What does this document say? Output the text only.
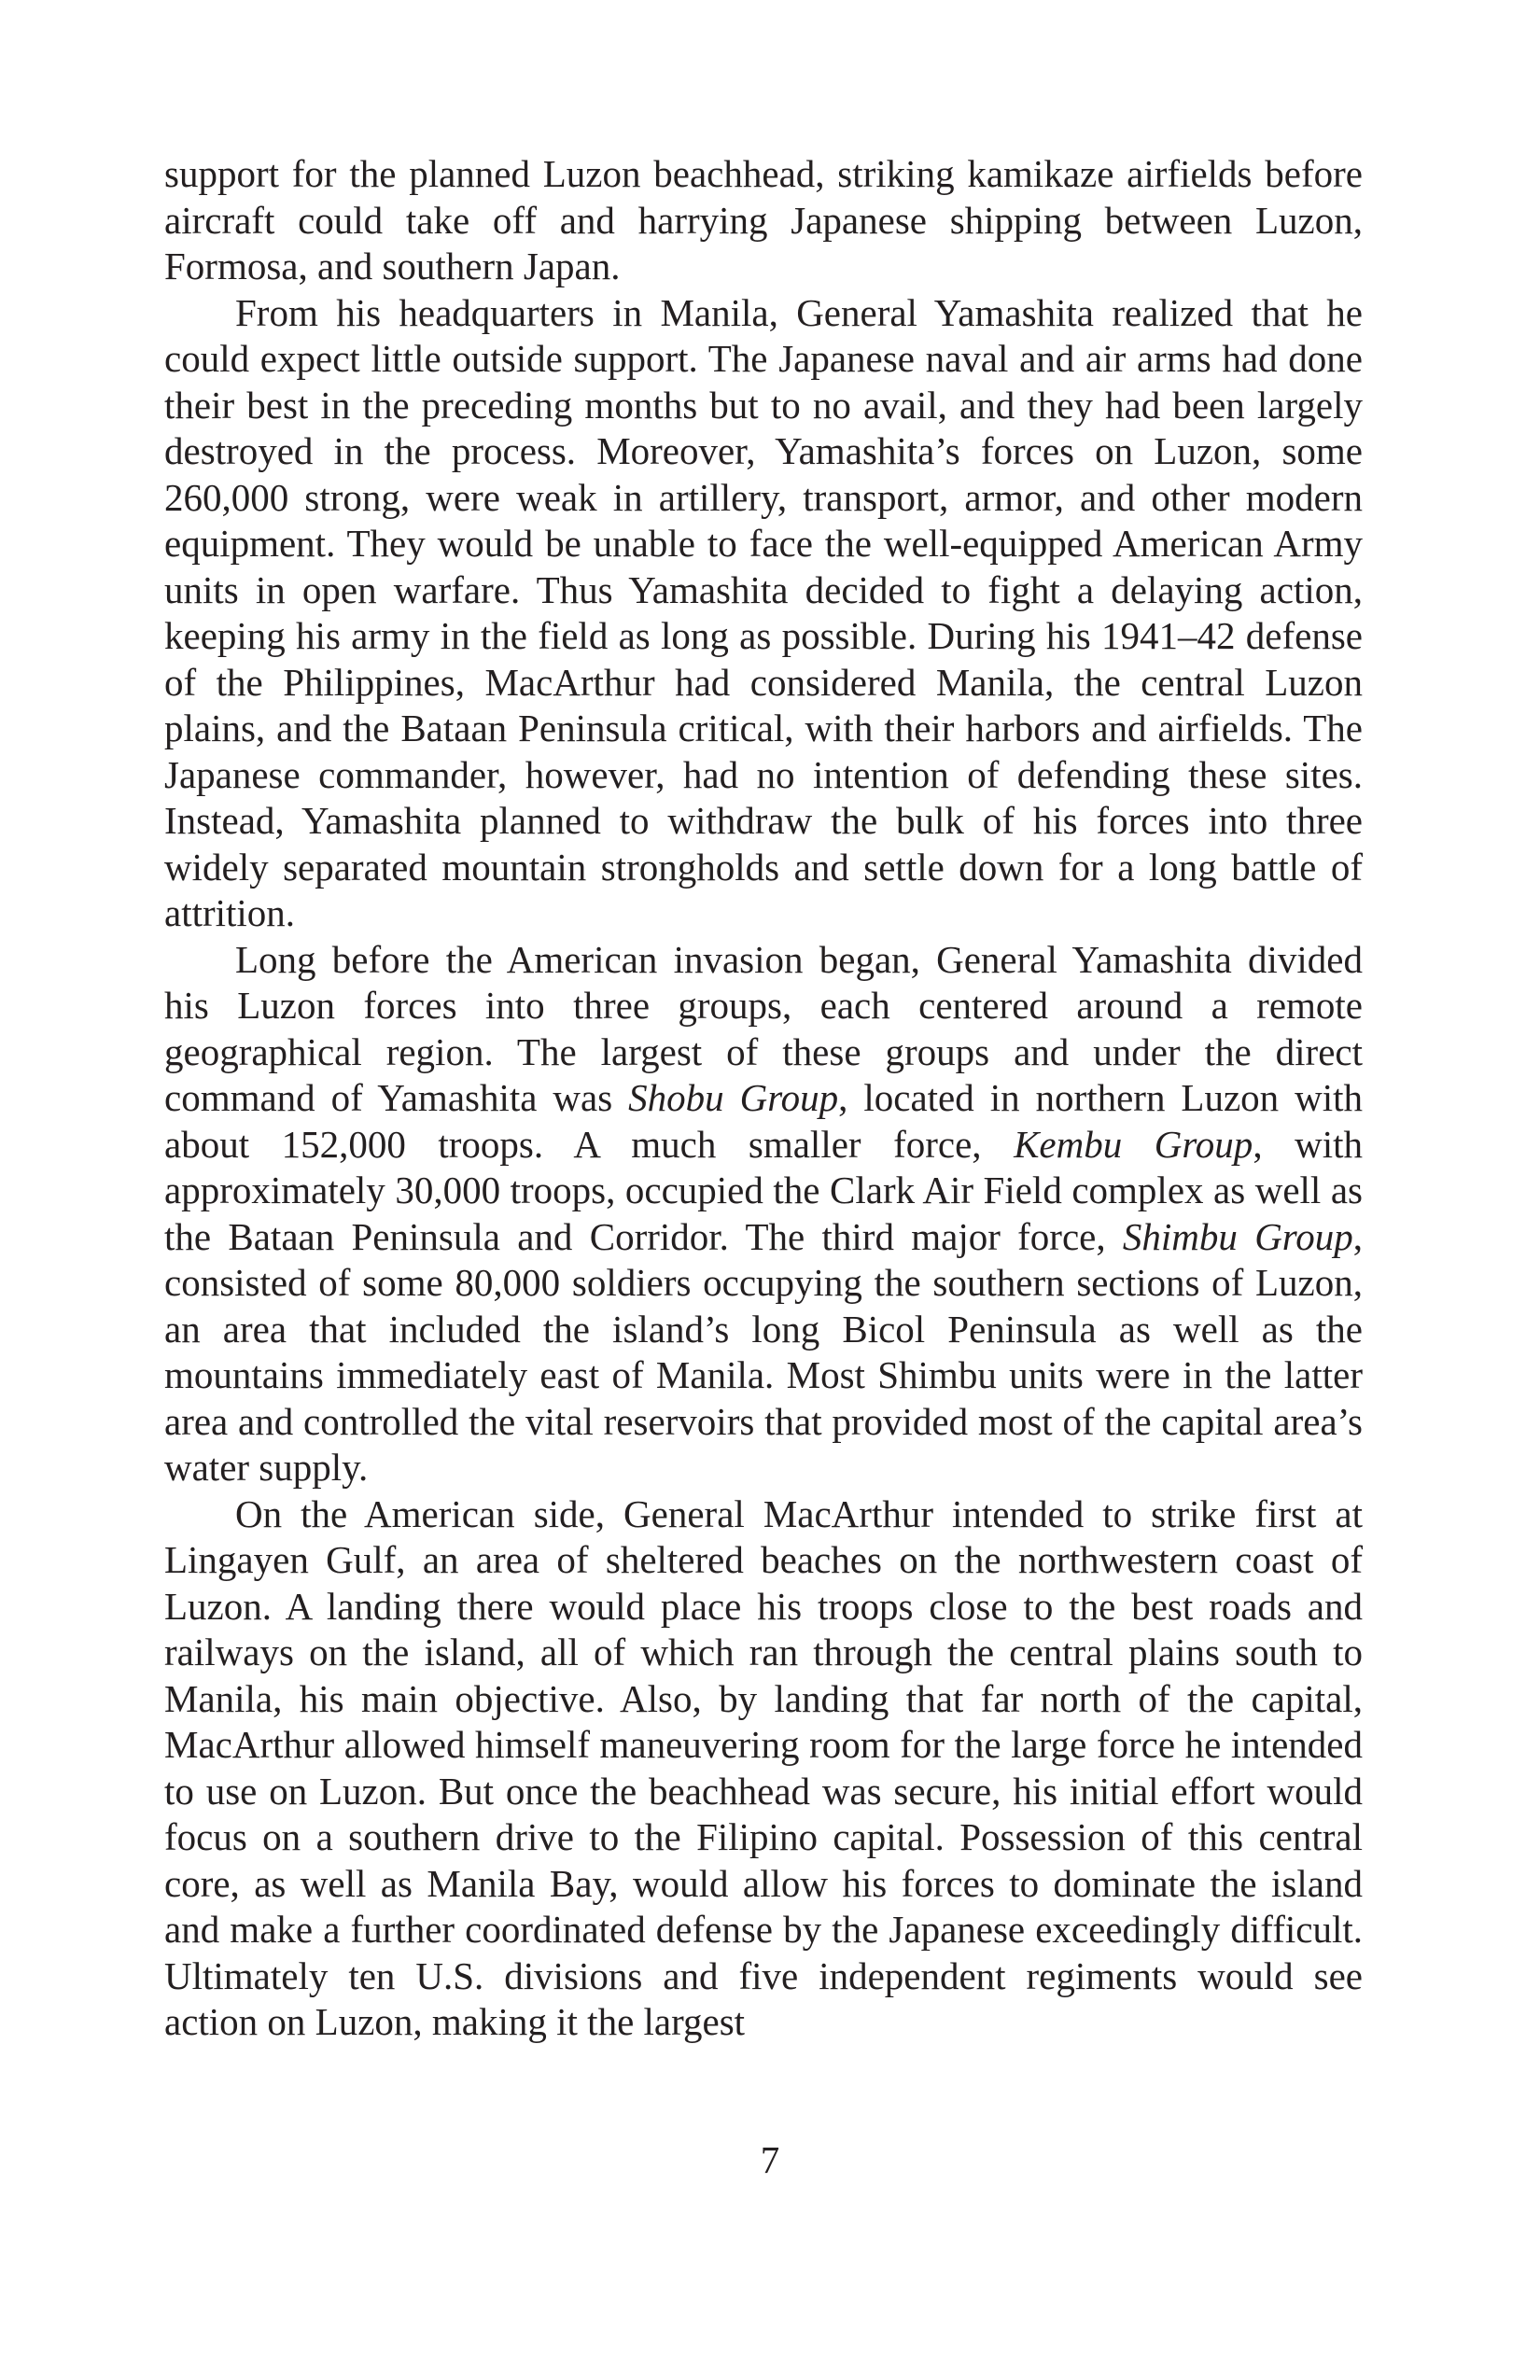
support for the planned Luzon beachhead, striking kamikaze airfields before aircraft could take off and harrying Japanese shipping between Luzon, Formosa, and southern Japan.

From his headquarters in Manila, General Yamashita realized that he could expect little outside support. The Japanese naval and air arms had done their best in the preceding months but to no avail, and they had been largely destroyed in the process. Moreover, Yamashita’s forces on Luzon, some 260,000 strong, were weak in artillery, transport, armor, and other modern equipment. They would be unable to face the well-equipped American Army units in open warfare. Thus Yamashita decided to fight a delaying action, keeping his army in the field as long as possible. During his 1941–42 defense of the Philippines, MacArthur had considered Manila, the central Luzon plains, and the Bataan Peninsula critical, with their harbors and airfields. The Japanese commander, however, had no intention of defending these sites. Instead, Yamashita planned to withdraw the bulk of his forces into three widely separated mountain strongholds and settle down for a long battle of attrition.

Long before the American invasion began, General Yamashita divided his Luzon forces into three groups, each centered around a remote geographical region. The largest of these groups and under the direct command of Yamashita was Shobu Group, located in northern Luzon with about 152,000 troops. A much smaller force, Kembu Group, with approximately 30,000 troops, occupied the Clark Air Field complex as well as the Bataan Peninsula and Corridor. The third major force, Shimbu Group, consisted of some 80,000 soldiers occupying the southern sections of Luzon, an area that included the island’s long Bicol Peninsula as well as the mountains immediately east of Manila. Most Shimbu units were in the latter area and controlled the vital reservoirs that provided most of the capital area’s water supply.

On the American side, General MacArthur intended to strike first at Lingayen Gulf, an area of sheltered beaches on the northwestern coast of Luzon. A landing there would place his troops close to the best roads and railways on the island, all of which ran through the central plains south to Manila, his main objective. Also, by landing that far north of the capital, MacArthur allowed himself maneuvering room for the large force he intended to use on Luzon. But once the beachhead was secure, his initial effort would focus on a southern drive to the Filipino capital. Possession of this central core, as well as Manila Bay, would allow his forces to dominate the island and make a further coordinated defense by the Japanese exceedingly difficult. Ultimately ten U.S. divisions and five independent regiments would see action on Luzon, making it the largest

7
